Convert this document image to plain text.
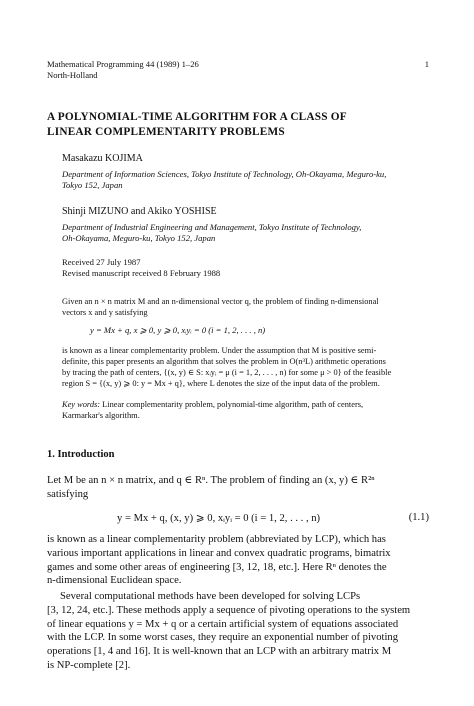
Mathematical Programming 44 (1989) 1–26
North-Holland
1
A POLYNOMIAL-TIME ALGORITHM FOR A CLASS OF
LINEAR COMPLEMENTARITY PROBLEMS
Masakazu KOJIMA
Department of Information Sciences, Tokyo Institute of Technology, Oh-Okayama, Meguro-ku,
Tokyo 152, Japan
Shinji MIZUNO and Akiko YOSHISE
Department of Industrial Engineering and Management, Tokyo Institute of Technology,
Oh-Okayama, Meguro-ku, Tokyo 152, Japan
Received 27 July 1987
Revised manuscript received 8 February 1988
Given an n × n matrix M and an n-dimensional vector q, the problem of finding n-dimensional
vectors x and y satisfying
y = Mx + q, x ⩾ 0, y ⩾ 0, xᵢyᵢ = 0 (i = 1, 2, . . . , n)
is known as a linear complementarity problem. Under the assumption that M is positive semi-
definite, this paper presents an algorithm that solves the problem in O(n³L) arithmetic operations
by tracing the path of centers, {(x, y) ∈ S: xᵢyᵢ = μ (i = 1, 2, . . . , n) for some μ > 0} of the feasible
region S = {(x, y) ⩾ 0: y = Mx + q}, where L denotes the size of the input data of the problem.
Key words: Linear complementarity problem, polynomial-time algorithm, path of centers,
Karmarkar's algorithm.
1. Introduction
Let M be an n × n matrix, and q ∈ Rⁿ. The problem of finding an (x, y) ∈ R²ⁿ
satisfying
y = Mx + q, (x, y) ⩾ 0, xᵢyᵢ = 0 (i = 1, 2, . . . , n)	(1.1)
is known as a linear complementarity problem (abbreviated by LCP), which has
various important applications in linear and convex quadratic programs, bimatrix
games and some other areas of engineering [3, 12, 18, etc.]. Here Rⁿ denotes the
n-dimensional Euclidean space.
Several computational methods have been developed for solving LCPs
[3, 12, 24, etc.]. These methods apply a sequence of pivoting operations to the system
of linear equations y = Mx + q or a certain artificial system of equations associated
with the LCP. In some worst cases, they require an exponential number of pivoting
operations [1, 4 and 16]. It is well-known that an LCP with an arbitrary matrix M
is NP-complete [2].
